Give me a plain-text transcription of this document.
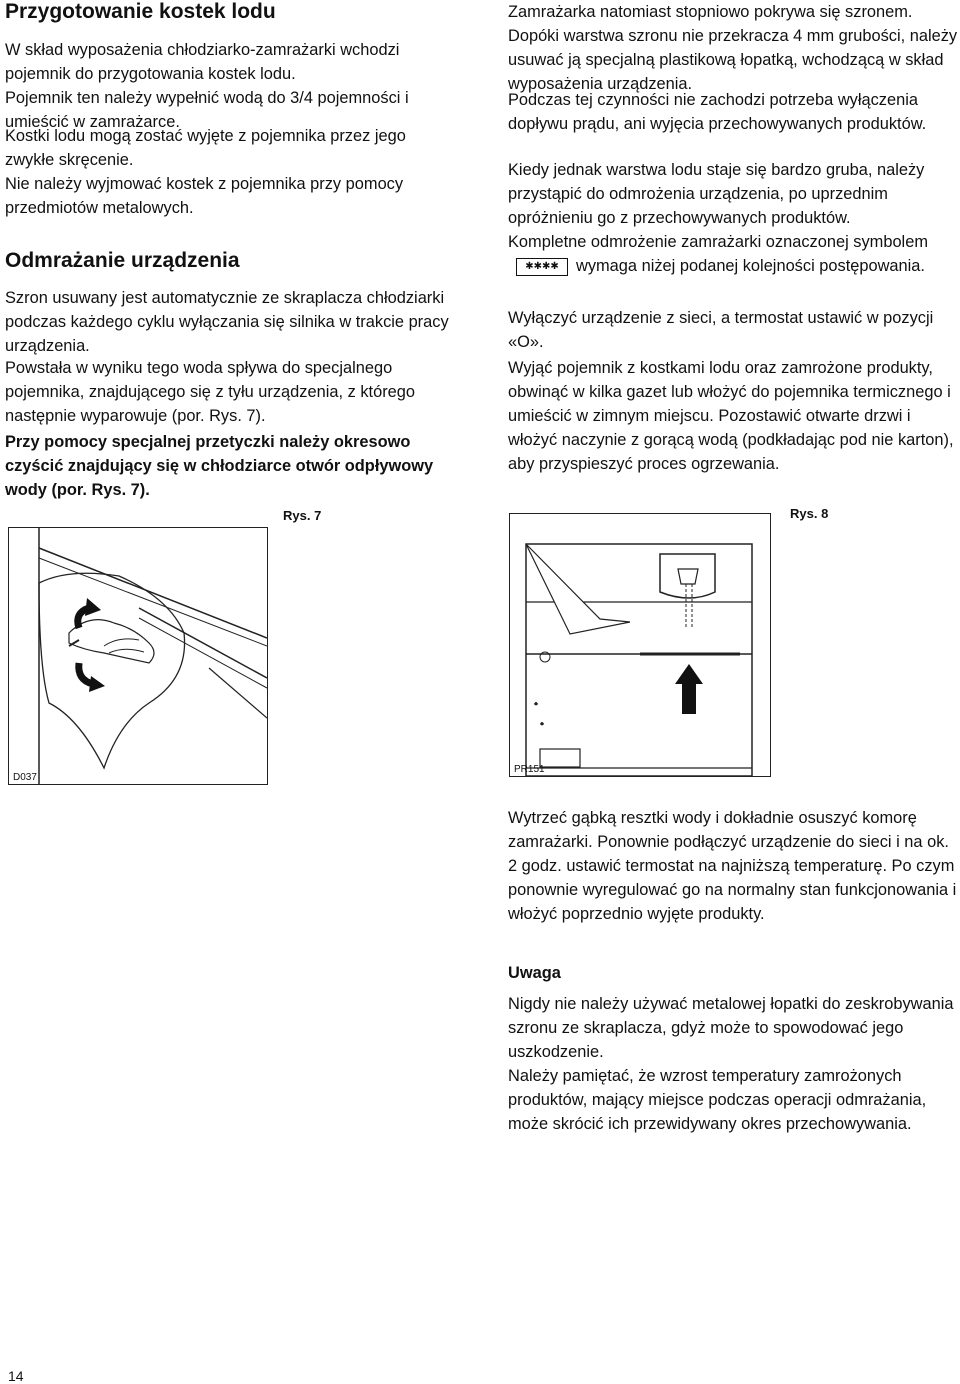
Przygotowanie kostek lodu

W skład wyposażenia chłodziarko-zamrażarki wchodzi pojemnik do przygotowania kostek lodu.

Pojemnik ten należy wypełnić wodą do 3/4 pojemności i umieścić w zamrażarce.

Kostki lodu mogą zostać wyjęte z pojemnika przez jego zwykłe skręcenie.

Nie należy wyjmować kostek z pojemnika przy pomocy przedmiotów metalowych.

Odmrażanie urządzenia

Szron usuwany jest automatycznie ze skraplacza chłodziarki podczas każdego cyklu wyłączania się silnika w trakcie pracy urządzenia.

Powstała w wyniku tego woda spływa do specjalnego pojemnika, znajdującego się z tyłu urządzenia, z którego następnie wyparowuje (por. Rys. 7).

Przy pomocy specjalnej przetyczki należy okresowo czyścić znajdujący się w chłodziarce otwór odpływowy wody (por. Rys. 7).

Rys. 7
D037

Zamrażarka natomiast stopniowo pokrywa się szronem. Dopóki warstwa szronu nie przekracza 4 mm grubości, należy usuwać ją specjalną plastikową łopatką, wchodzącą w skład wyposażenia urządzenia.

Podczas tej czynności nie zachodzi potrzeba wyłączenia dopływu prądu, ani wyjęcia przechowywanych produktów.

Kiedy jednak warstwa lodu staje się bardzo gruba, należy przystąpić do odmrożenia urządzenia, po uprzednim opróżnieniu go z przechowywanych produktów.

Kompletne odmrożenie zamrażarki oznaczonej symbolem✱✱✱✱ wymaga niżej podanej kolejności postępowania.

Wyłączyć urządzenie z sieci, a termostat ustawić w pozycji «O».

Wyjąć pojemnik z kostkami lodu oraz zamrożone produkty, obwinąć w kilka gazet lub włożyć do pojemnika termicznego i umieścić w zimnym miejscu. Pozostawić otwarte drzwi i włożyć naczynie z gorącą wodą (podkładając pod nie karton), aby przyspieszyć proces ogrzewania.

Rys. 8
PR151

Wytrzeć gąbką resztki wody i dokładnie osuszyć komorę zamrażarki. Ponownie podłączyć urządzenie do sieci i na ok. 2 godz. ustawić termostat na najniższą temperaturę. Po czym ponownie wyregulować go na normalny stan funkcjonowania i włożyć poprzednio wyjęte produkty.

Uwaga

Nigdy nie należy używać metalowej łopatki do zeskrobywania szronu ze skraplacza, gdyż może to spowodować jego uszkodzenie.

Należy pamiętać, że wzrost temperatury zamrożonych produktów, mający miejsce podczas operacji odmrażania, może skrócić ich przewidywany okres przechowywania.

14
